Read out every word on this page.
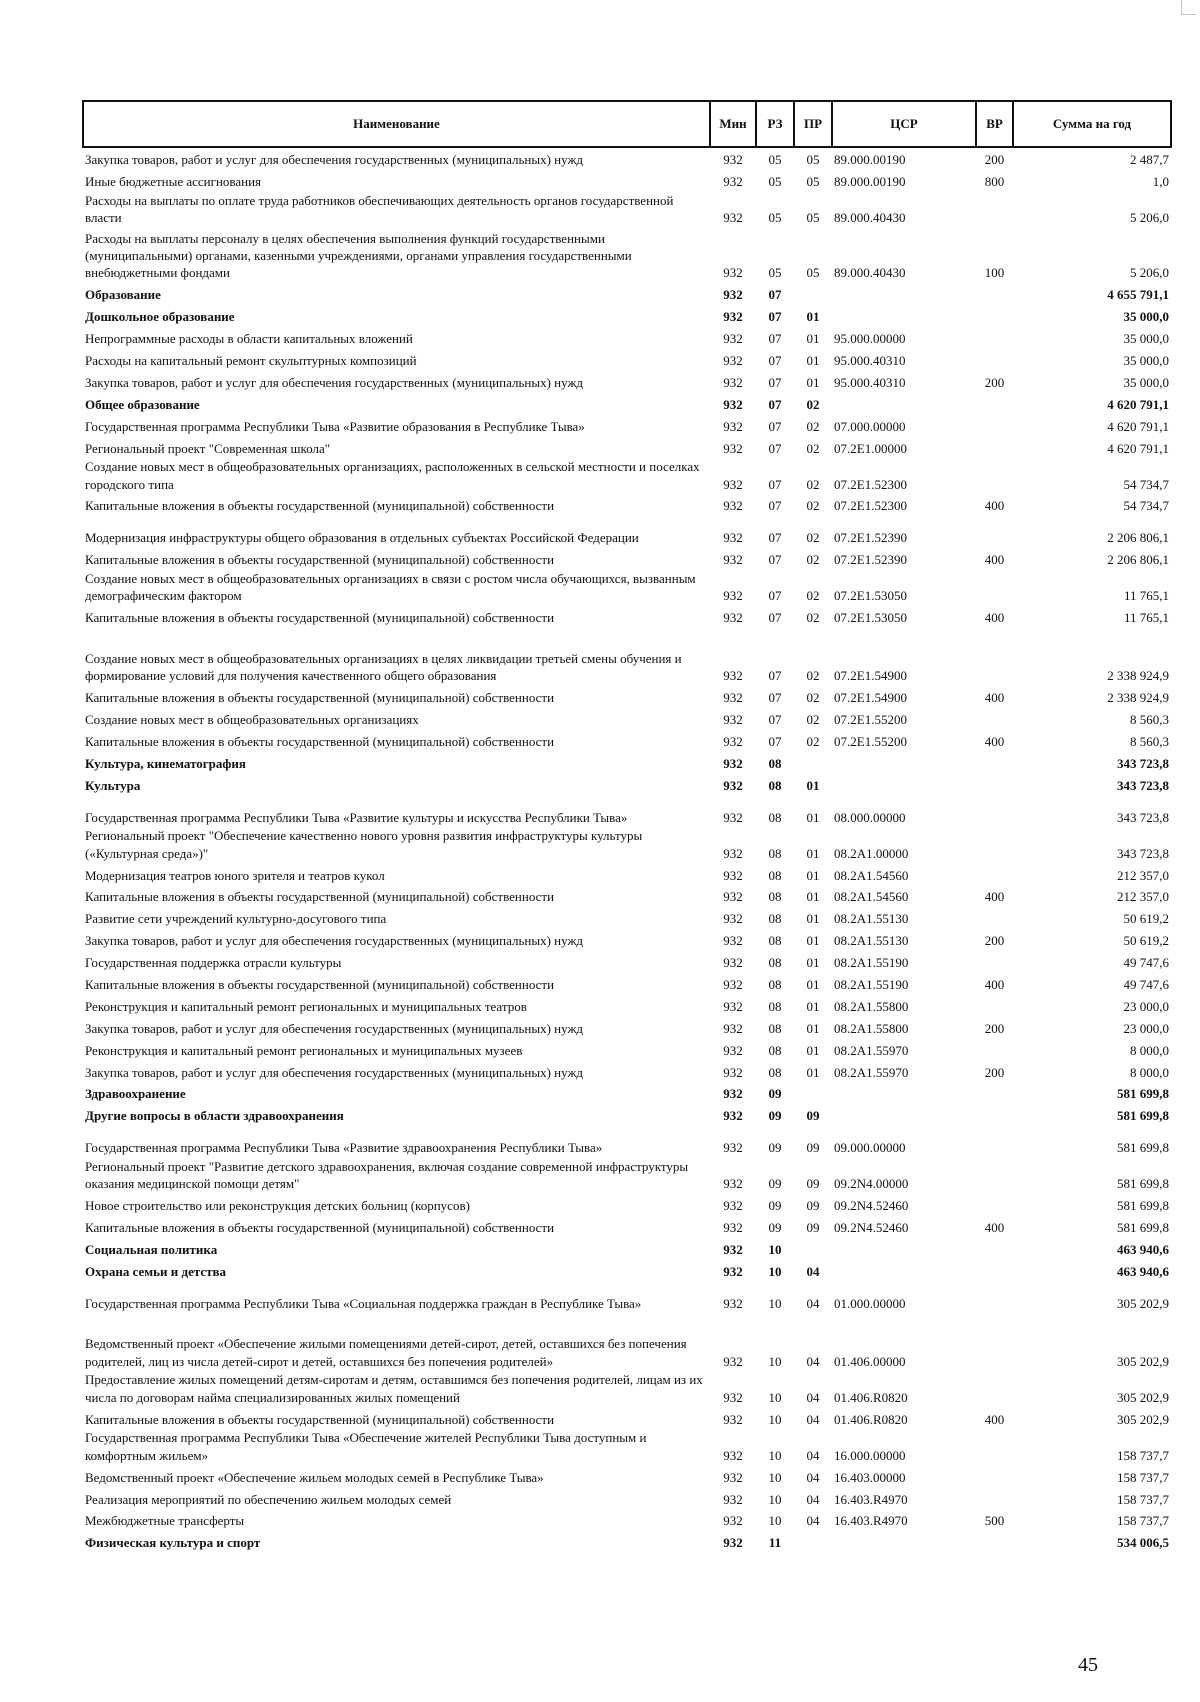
Наименование	Мин	РЗ	ПР	ЦСР	ВР	Сумма на год
Закупка товаров, работ и услуг для обеспечения государственных (муниципальных) нужд	932	05	05	89.000.00190	200	2 487,7
Иные бюджетные ассигнования	932	05	05	89.000.00190	800	1,0
Расходы на выплаты по оплате труда работников обеспечивающих деятельность органов государственной власти	932	05	05	89.000.40430		5 206,0
Расходы на выплаты персоналу в целях обеспечения выполнения функций государственными (муниципальными) органами, казенными учреждениями, органами управления государственными внебюджетными фондами	932	05	05	89.000.40430	100	5 206,0
Образование	932	07				4 655 791,1
Дошкольное образование	932	07	01			35 000,0
Непрограммные расходы в области капитальных вложений	932	07	01	95.000.00000		35 000,0
Расходы на капитальный ремонт скульптурных композиций	932	07	01	95.000.40310		35 000,0
Закупка товаров, работ и услуг для обеспечения государственных (муниципальных) нужд	932	07	01	95.000.40310	200	35 000,0
Общее образование	932	07	02			4 620 791,1
Государственная программа Республики Тыва «Развитие образования в Республике Тыва»	932	07	02	07.000.00000		4 620 791,1
Региональный проект "Современная школа"	932	07	02	07.2E1.00000		4 620 791,1
Создание новых мест в общеобразовательных организациях, расположенных в сельской местности и поселках городского типа	932	07	02	07.2E1.52300		54 734,7
Капитальные вложения в объекты государственной (муниципальной) собственности	932	07	02	07.2E1.52300	400	54 734,7
Модернизация инфраструктуры общего образования в отдельных субъектах Российской Федерации	932	07	02	07.2E1.52390		2 206 806,1
Капитальные вложения в объекты государственной (муниципальной) собственности	932	07	02	07.2E1.52390	400	2 206 806,1
Создание новых мест в общеобразовательных организациях в связи с ростом числа обучающихся, вызванным демографическим фактором	932	07	02	07.2E1.53050		11 765,1
Капитальные вложения в объекты государственной (муниципальной) собственности	932	07	02	07.2E1.53050	400	11 765,1
Создание новых мест в общеобразовательных организациях в целях ликвидации третьей смены обучения и формирование условий для получения качественного общего образования	932	07	02	07.2E1.54900		2 338 924,9
Капитальные вложения в объекты государственной (муниципальной) собственности	932	07	02	07.2E1.54900	400	2 338 924,9
Создание новых мест в общеобразовательных организациях	932	07	02	07.2E1.55200		8 560,3
Капитальные вложения в объекты государственной (муниципальной) собственности	932	07	02	07.2E1.55200	400	8 560,3
Культура, кинематография	932	08				343 723,8
Культура	932	08	01			343 723,8
Государственная программа Республики Тыва «Развитие культуры и искусства Республики Тыва»	932	08	01	08.000.00000		343 723,8
Региональный проект "Обеспечение качественно нового уровня развития инфраструктуры культуры («Культурная среда»)"	932	08	01	08.2A1.00000		343 723,8
Модернизация театров юного зрителя и театров кукол	932	08	01	08.2A1.54560		212 357,0
Капитальные вложения в объекты государственной (муниципальной) собственности	932	08	01	08.2A1.54560	400	212 357,0
Развитие сети учреждений культурно-досугового типа	932	08	01	08.2A1.55130		50 619,2
Закупка товаров, работ и услуг для обеспечения государственных (муниципальных) нужд	932	08	01	08.2A1.55130	200	50 619,2
Государственная поддержка отрасли культуры	932	08	01	08.2A1.55190		49 747,6
Капитальные вложения в объекты государственной (муниципальной) собственности	932	08	01	08.2A1.55190	400	49 747,6
Реконструкция и капитальный ремонт региональных и муниципальных театров	932	08	01	08.2A1.55800		23 000,0
Закупка товаров, работ и услуг для обеспечения государственных (муниципальных) нужд	932	08	01	08.2A1.55800	200	23 000,0
Реконструкция и капитальный ремонт региональных и муниципальных музеев	932	08	01	08.2A1.55970		8 000,0
Закупка товаров, работ и услуг для обеспечения государственных (муниципальных) нужд	932	08	01	08.2A1.55970	200	8 000,0
Здравоохранение	932	09				581 699,8
Другие вопросы в области здравоохранения	932	09	09			581 699,8
Государственная программа Республики Тыва «Развитие здравоохранения Республики Тыва»	932	09	09	09.000.00000		581 699,8
Региональный проект "Развитие детского здравоохранения, включая создание современной инфраструктуры оказания медицинской помощи детям"	932	09	09	09.2N4.00000		581 699,8
Новое строительство или реконструкция детских больниц (корпусов)	932	09	09	09.2N4.52460		581 699,8
Капитальные вложения в объекты государственной (муниципальной) собственности	932	09	09	09.2N4.52460	400	581 699,8
Социальная политика	932	10				463 940,6
Охрана семьи и детства	932	10	04			463 940,6
Государственная программа Республики Тыва «Социальная поддержка граждан в Республике Тыва»	932	10	04	01.000.00000		305 202,9
Ведомственный проект «Обеспечение жилыми помещениями детей-сирот, детей, оставшихся без попечения родителей, лиц из числа детей-сирот и детей, оставшихся без попечения родителей»	932	10	04	01.406.00000		305 202,9
Предоставление жилых помещений детям-сиротам и детям, оставшимся без попечения родителей, лицам из их числа по договорам найма специализированных жилых помещений	932	10	04	01.406.R0820		305 202,9
Капитальные вложения в объекты государственной (муниципальной) собственности	932	10	04	01.406.R0820	400	305 202,9
Государственная программа Республики Тыва «Обеспечение жителей Республики Тыва доступным и комфортным жильем»	932	10	04	16.000.00000		158 737,7
Ведомственный проект «Обеспечение жильем молодых семей в Республике Тыва»	932	10	04	16.403.00000		158 737,7
Реализация мероприятий по обеспечению жильем молодых семей	932	10	04	16.403.R4970		158 737,7
Межбюджетные трансферты	932	10	04	16.403.R4970	500	158 737,7
Физическая культура и спорт	932	11				534 006,5
45
